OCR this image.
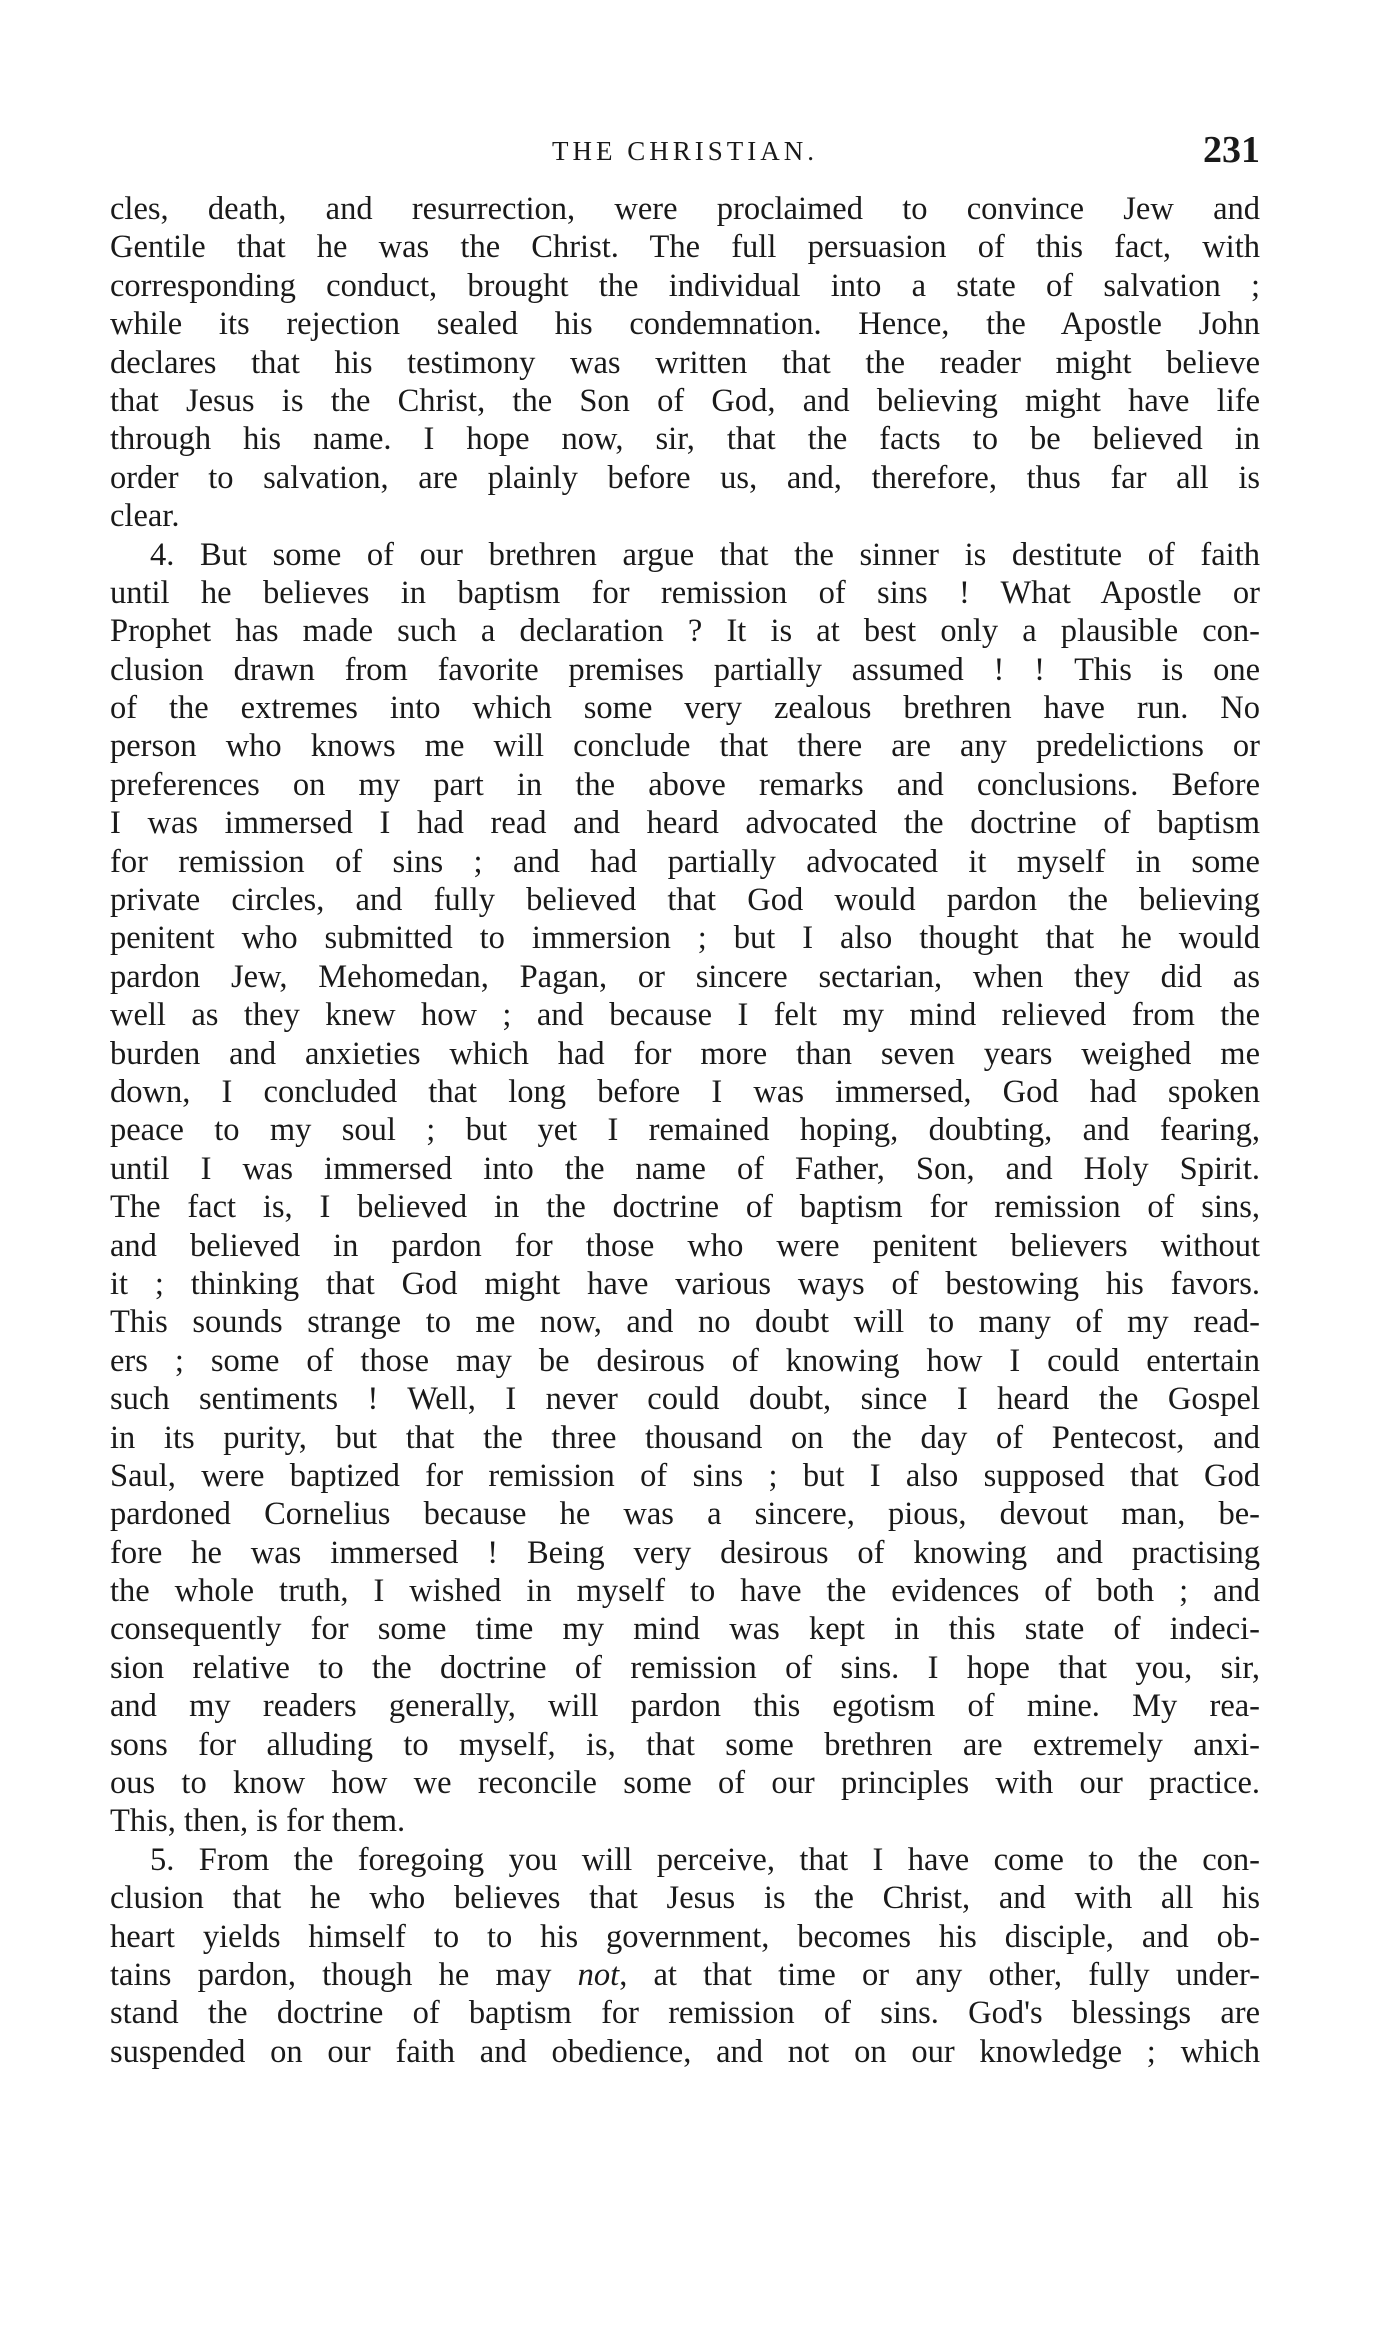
THE CHRISTIAN.	231
cles, death, and resurrection, were proclaimed to convince Jew and
Gentile that he was the Christ. The full persuasion of this fact, with
corresponding conduct, brought the individual into a state of salvation ;
while its rejection sealed his condemnation. Hence, the Apostle John
declares that his testimony was written that the reader might believe
that Jesus is the Christ, the Son of God, and believing might have life
through his name. I hope now, sir, that the facts to be believed in
order to salvation, are plainly before us, and, therefore, thus far all is
clear.
4. But some of our brethren argue that the sinner is destitute of faith
until he believes in baptism for remission of sins ! What Apostle or
Prophet has made such a declaration ? It is at best only a plausible con-
clusion drawn from favorite premises partially assumed ! ! This is one
of the extremes into which some very zealous brethren have run. No
person who knows me will conclude that there are any predelictions or
preferences on my part in the above remarks and conclusions. Before
I was immersed I had read and heard advocated the doctrine of baptism
for remission of sins ; and had partially advocated it myself in some
private circles, and fully believed that God would pardon the believing
penitent who submitted to immersion ; but I also thought that he would
pardon Jew, Mehomedan, Pagan, or sincere sectarian, when they did as
well as they knew how ; and because I felt my mind relieved from the
burden and anxieties which had for more than seven years weighed me
down, I concluded that long before I was immersed, God had spoken
peace to my soul ; but yet I remained hoping, doubting, and fearing,
until I was immersed into the name of Father, Son, and Holy Spirit.
The fact is, I believed in the doctrine of baptism for remission of sins,
and believed in pardon for those who were penitent believers without
it ; thinking that God might have various ways of bestowing his favors.
This sounds strange to me now, and no doubt will to many of my read-
ers ; some of those may be desirous of knowing how I could entertain
such sentiments ! Well, I never could doubt, since I heard the Gospel
in its purity, but that the three thousand on the day of Pentecost, and
Saul, were baptized for remission of sins ; but I also supposed that God
pardoned Cornelius because he was a sincere, pious, devout man, be-
fore he was immersed ! Being very desirous of knowing and practising
the whole truth, I wished in myself to have the evidences of both ; and
consequently for some time my mind was kept in this state of indeci-
sion relative to the doctrine of remission of sins. I hope that you, sir,
and my readers generally, will pardon this egotism of mine. My rea-
sons for alluding to myself, is, that some brethren are extremely anxi-
ous to know how we reconcile some of our principles with our practice.
This, then, is for them.
5. From the foregoing you will perceive, that I have come to the con-
clusion that he who believes that Jesus is the Christ, and with all his
heart yields himself to to his government, becomes his disciple, and ob-
tains pardon, though he may not, at that time or any other, fully under-
stand the doctrine of baptism for remission of sins. God's blessings are
suspended on our faith and obedience, and not on our knowledge ; which
